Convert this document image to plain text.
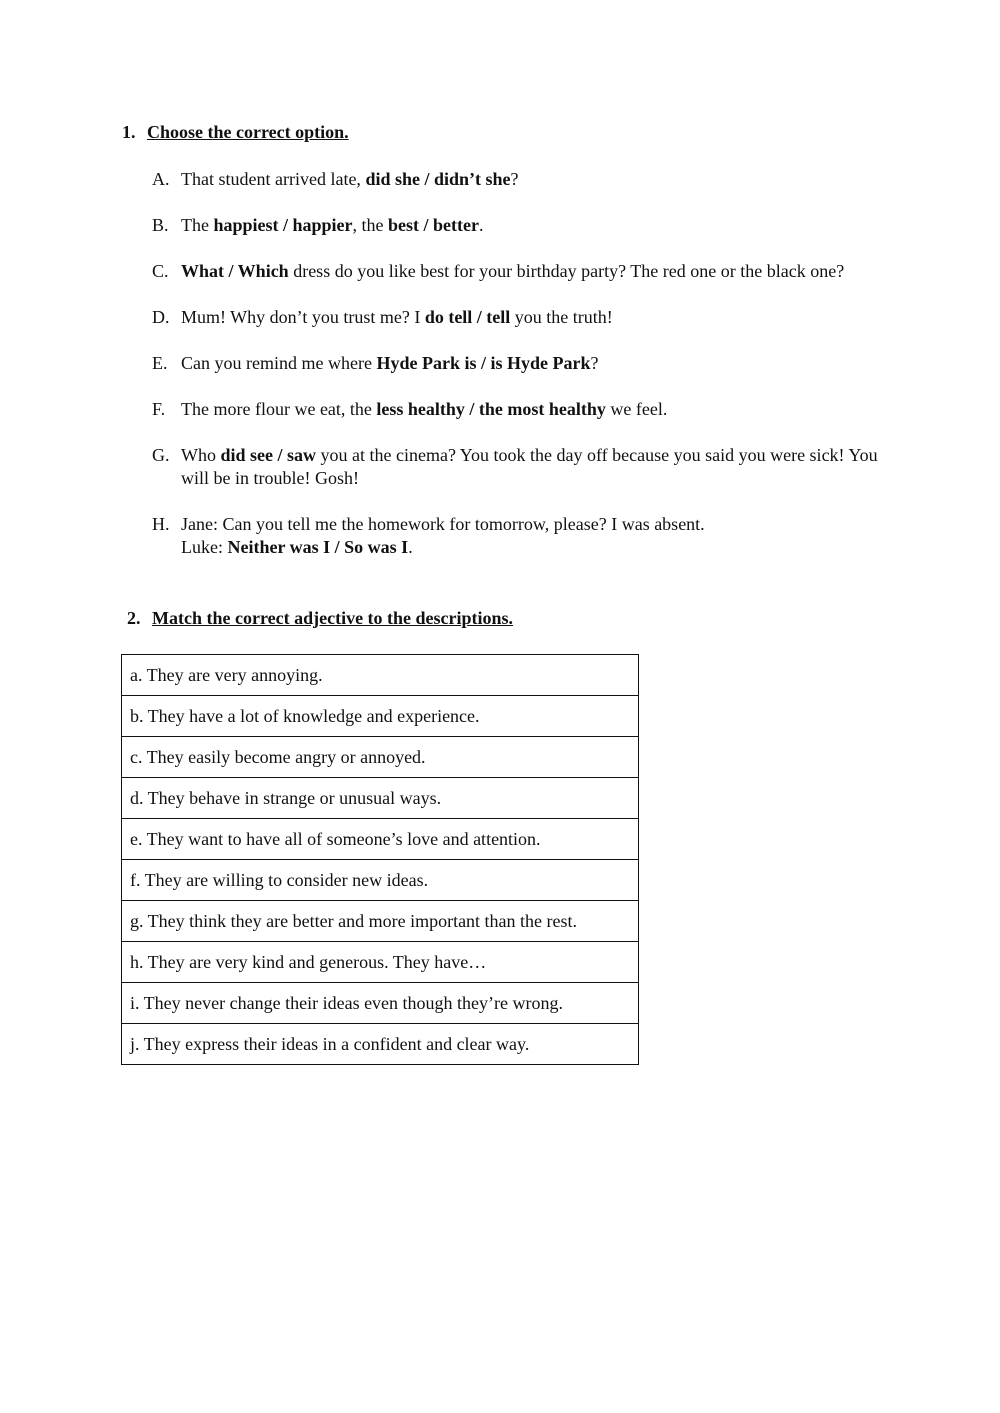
1. Choose the correct option.
A. That student arrived late, did she / didn’t she?
B. The happiest / happier, the best / better.
C. What / Which dress do you like best for your birthday party? The red one or the black one?
D. Mum! Why don’t you trust me? I do tell / tell you the truth!
E. Can you remind me where Hyde Park is / is Hyde Park?
F. The more flour we eat, the less healthy / the most healthy we feel.
G. Who did see / saw you at the cinema? You took the day off because you said you were sick! You will be in trouble! Gosh!
H. Jane: Can you tell me the homework for tomorrow, please? I was absent.
Luke: Neither was I / So was I.
2. Match the correct adjective to the descriptions.
a. They are very annoying.
b. They have a lot of knowledge and experience.
c. They easily become angry or annoyed.
d. They behave in strange or unusual ways.
e. They want to have all of someone’s love and attention.
f. They are willing to consider new ideas.
g. They think they are better and more important than the rest.
h. They are very kind and generous. They have…
i. They never change their ideas even though they’re wrong.
j. They express their ideas in a confident and clear way.
